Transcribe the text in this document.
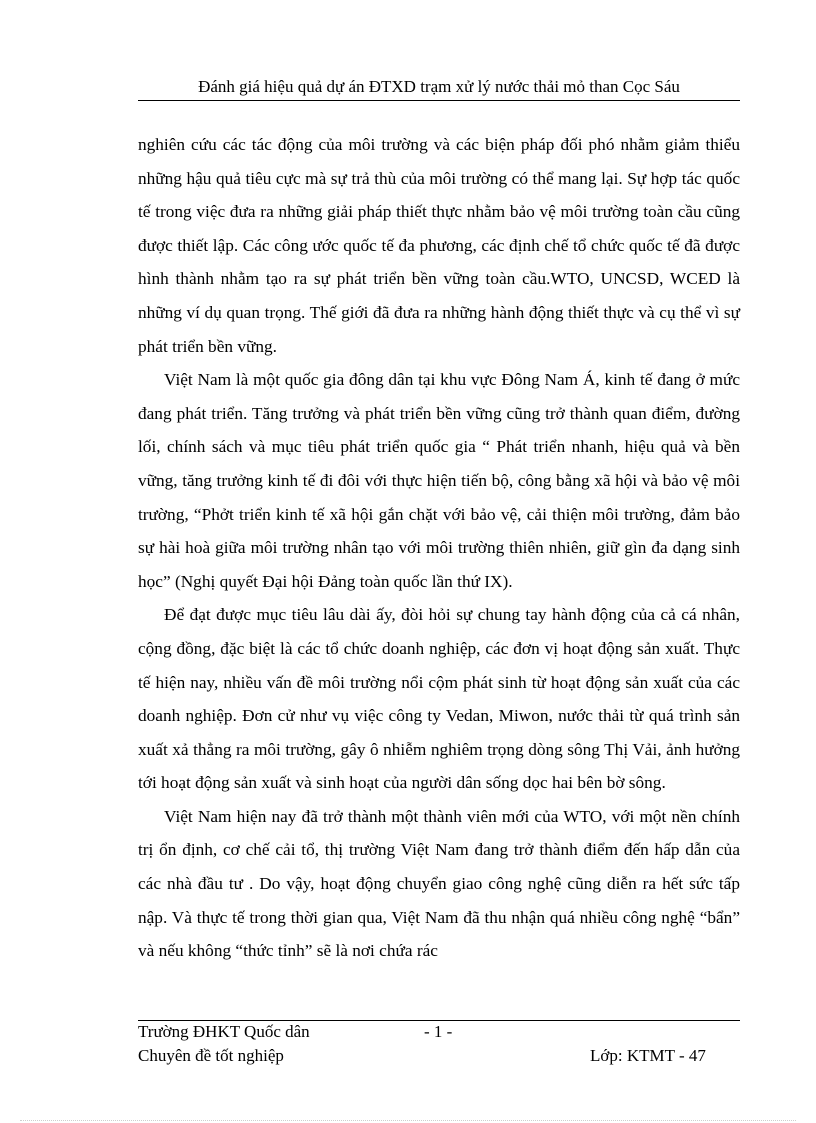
Đánh giá hiệu quả dự án ĐTXD trạm xử lý nước thải mỏ than Cọc Sáu

nghiên cứu các tác động của môi trường và các biện pháp đối phó nhằm giảm thiểu những hậu quả tiêu cực mà sự trả thù của môi trường có thể mang lại. Sự hợp tác quốc tế trong việc đưa ra những giải pháp thiết thực nhằm bảo vệ môi trường toàn cầu cũng được thiết lập. Các công ước quốc tế đa phương, các định chế tổ chức quốc tế đã được hình thành nhằm tạo ra sự phát triển bền vững toàn cầu.WTO, UNCSD, WCED là những ví dụ quan trọng. Thế giới đã đưa ra những hành động thiết thực và cụ thể vì sự phát triển bền vững.

Việt Nam là một quốc gia đông dân tại khu vực Đông Nam Á, kinh tế đang ở mức đang phát triển. Tăng trưởng và phát triển bền vững cũng trở thành quan điểm, đường lối, chính sách và mục tiêu phát triển quốc gia “ Phát triển nhanh, hiệu quả và bền vững, tăng trưởng kinh tế đi đôi với thực hiện tiến bộ, công bằng xã hội và bảo vệ môi trường, “Phởt triển kinh tế xã hội gắn chặt với bảo vệ, cải thiện môi trường, đảm bảo sự hài hoà giữa môi trường nhân tạo với môi trường thiên nhiên, giữ gìn đa dạng sinh học” (Nghị quyết Đại hội Đảng toàn quốc lần thứ IX).

Để đạt được mục tiêu lâu dài ấy, đòi hỏi sự chung tay hành động của cả cá nhân, cộng đồng, đặc biệt là các tổ chức doanh nghiệp, các đơn vị hoạt động sản xuất. Thực tế hiện nay, nhiều vấn đề môi trường nổi cộm phát sinh từ hoạt động sản xuất của các doanh nghiệp. Đơn cử như vụ việc công ty Vedan, Miwon, nước thải từ quá trình sản xuất xả thẳng ra môi trường, gây ô nhiễm nghiêm trọng dòng sông Thị Vải, ảnh hưởng tới hoạt động sản xuất và sinh hoạt của người dân sống dọc hai bên bờ sông.

Việt Nam hiện nay đã trở thành một thành viên mới của WTO, với một nền chính trị ổn định, cơ chế cải tổ, thị trường Việt Nam đang trở thành điểm đến hấp dẫn của các nhà đầu tư . Do vậy, hoạt động chuyển giao công nghệ cũng diễn ra hết sức tấp nập. Và thực tế trong thời gian qua, Việt Nam đã thu nhận quá nhiều công nghệ “bẩn” và nếu không “thức tỉnh” sẽ là nơi chứa rác

Trường ĐHKT Quốc dân	- 1 -
Chuyên đề tốt nghiệp	Lớp: KTMT - 47
